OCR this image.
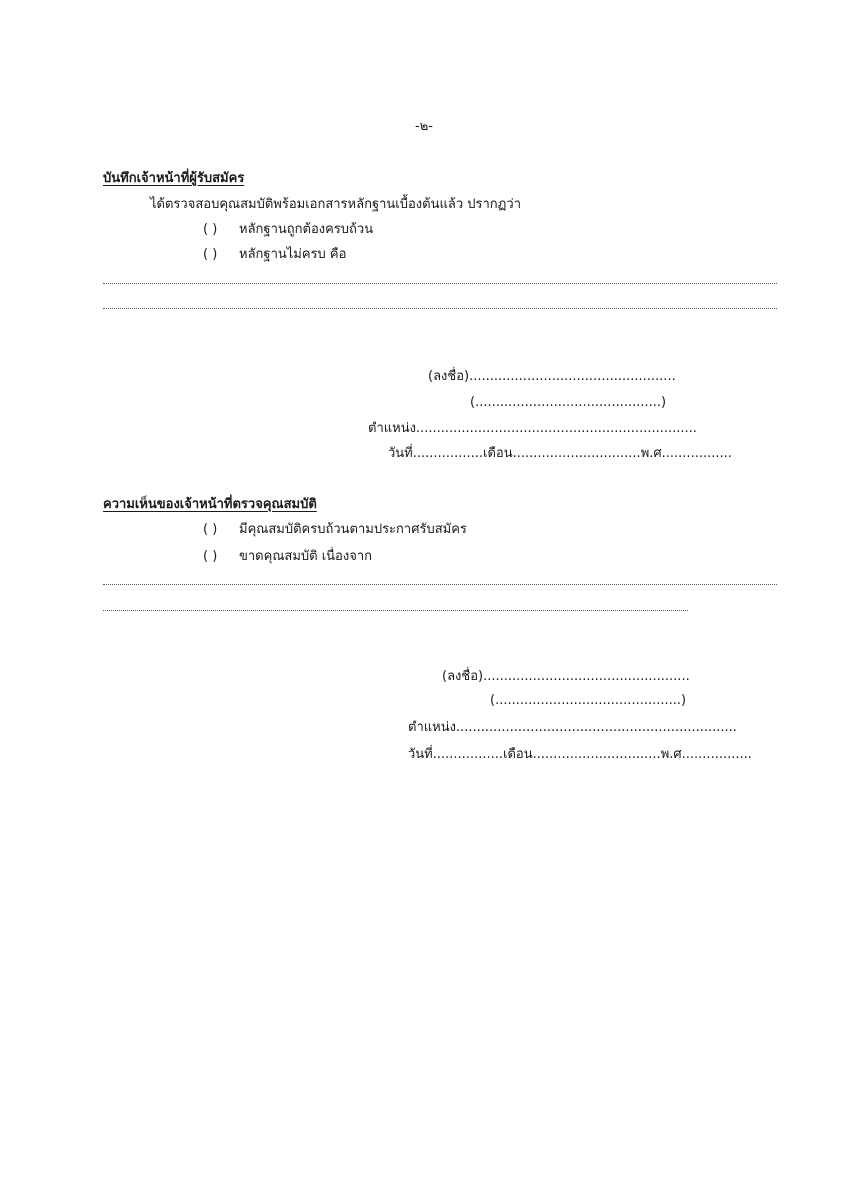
-๒-
บันทึกเจ้าหน้าที่ผู้รับสมัคร
ได้ตรวจสอบคุณสมบัติพร้อมเอกสารหลักฐานเบื้องต้นแล้ว ปรากฏว่า
( ) หลักฐานถูกต้องครบถ้วน
( ) หลักฐานไม่ครบ คือ
(ลงชื่อ)..................................................
(.............................................)
ตำแหน่ง....................................................................
วันที่.................เดือน...............................พ.ศ.................
ความเห็นของเจ้าหน้าที่ตรวจคุณสมบัติ
( ) มีคุณสมบัติครบถ้วนตามประกาศรับสมัคร
( ) ขาดคุณสมบัติ เนื่องจาก
(ลงชื่อ)..................................................
(.............................................)
ตำแหน่ง....................................................................
วันที่.................เดือน...............................พ.ศ.................
